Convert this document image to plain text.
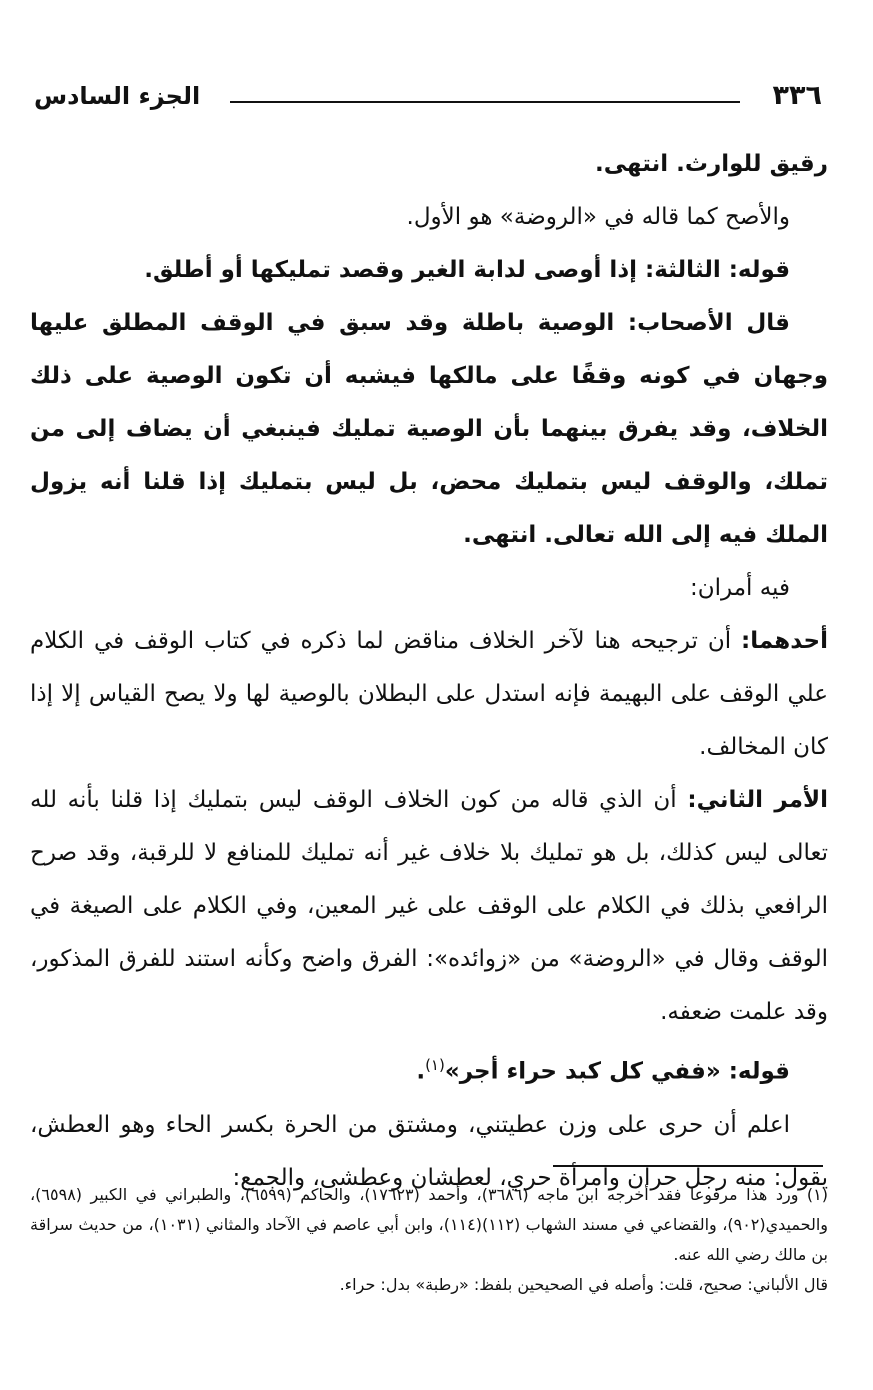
٣٣٦
الجزء السادس

رقيق للوارث. انتهى.

والأصح كما قاله في «الروضة» هو الأول.

قوله: الثالثة: إذا أوصى لدابة الغير وقصد تمليكها أو أطلق.

قال الأصحاب: الوصية باطلة وقد سبق في الوقف المطلق عليها وجهان في كونه وقفًا على مالكها فيشبه أن تكون الوصية على ذلك الخلاف، وقد يفرق بينهما بأن الوصية تمليك فينبغي أن يضاف إلى من تملك، والوقف ليس بتمليك محض، بل ليس بتمليك إذا قلنا أنه يزول الملك فيه إلى الله تعالى. انتهى.

فيه أمران:

أحدهما: أن ترجيحه هنا لآخر الخلاف مناقض لما ذكره في كتاب الوقف في الكلام علي الوقف على البهيمة فإنه استدل على البطلان بالوصية لها ولا يصح القياس إلا إذا كان المخالف.

الأمر الثاني: أن الذي قاله من كون الخلاف الوقف ليس بتمليك إذا قلنا بأنه لله تعالى ليس كذلك، بل هو تمليك بلا خلاف غير أنه تمليك للمنافع لا للرقبة، وقد صرح الرافعي بذلك في الكلام على الوقف على غير المعين، وفي الكلام على الصيغة في الوقف وقال في «الروضة» من «زوائده»: الفرق واضح وكأنه استند للفرق المذكور، وقد علمت ضعفه.

قوله: «ففي كل كبد حراء أجر»$^{(١)}$.

اعلم أن حرى على وزن عطيتني، ومشتق من الحرة بكسر الحاء وهو العطش، يقول: منه رجل حران وامرأة حري، لعطشان وعطشى، والجمع:

(١) ورد هذا مرفوعا فقد أخرجه ابن ماجه (٣٦٨٦)، وأحمد (١٧٦٢٣)، والحاكم (٦٥٩٩)، والطبراني في الكبير (٦٥٩٨)، والحميدي(٩٠٢)، والقضاعي في مسند الشهاب (١١٢)(١١٤)، وابن أبي عاصم في الآحاد والمثاني (١٠٣١)، من حديث سراقة بن مالك رضي الله عنه.

قال الألباني: صحيح، قلت: وأصله في الصحيحين بلفظ: «رطبة» بدل: حراء.
